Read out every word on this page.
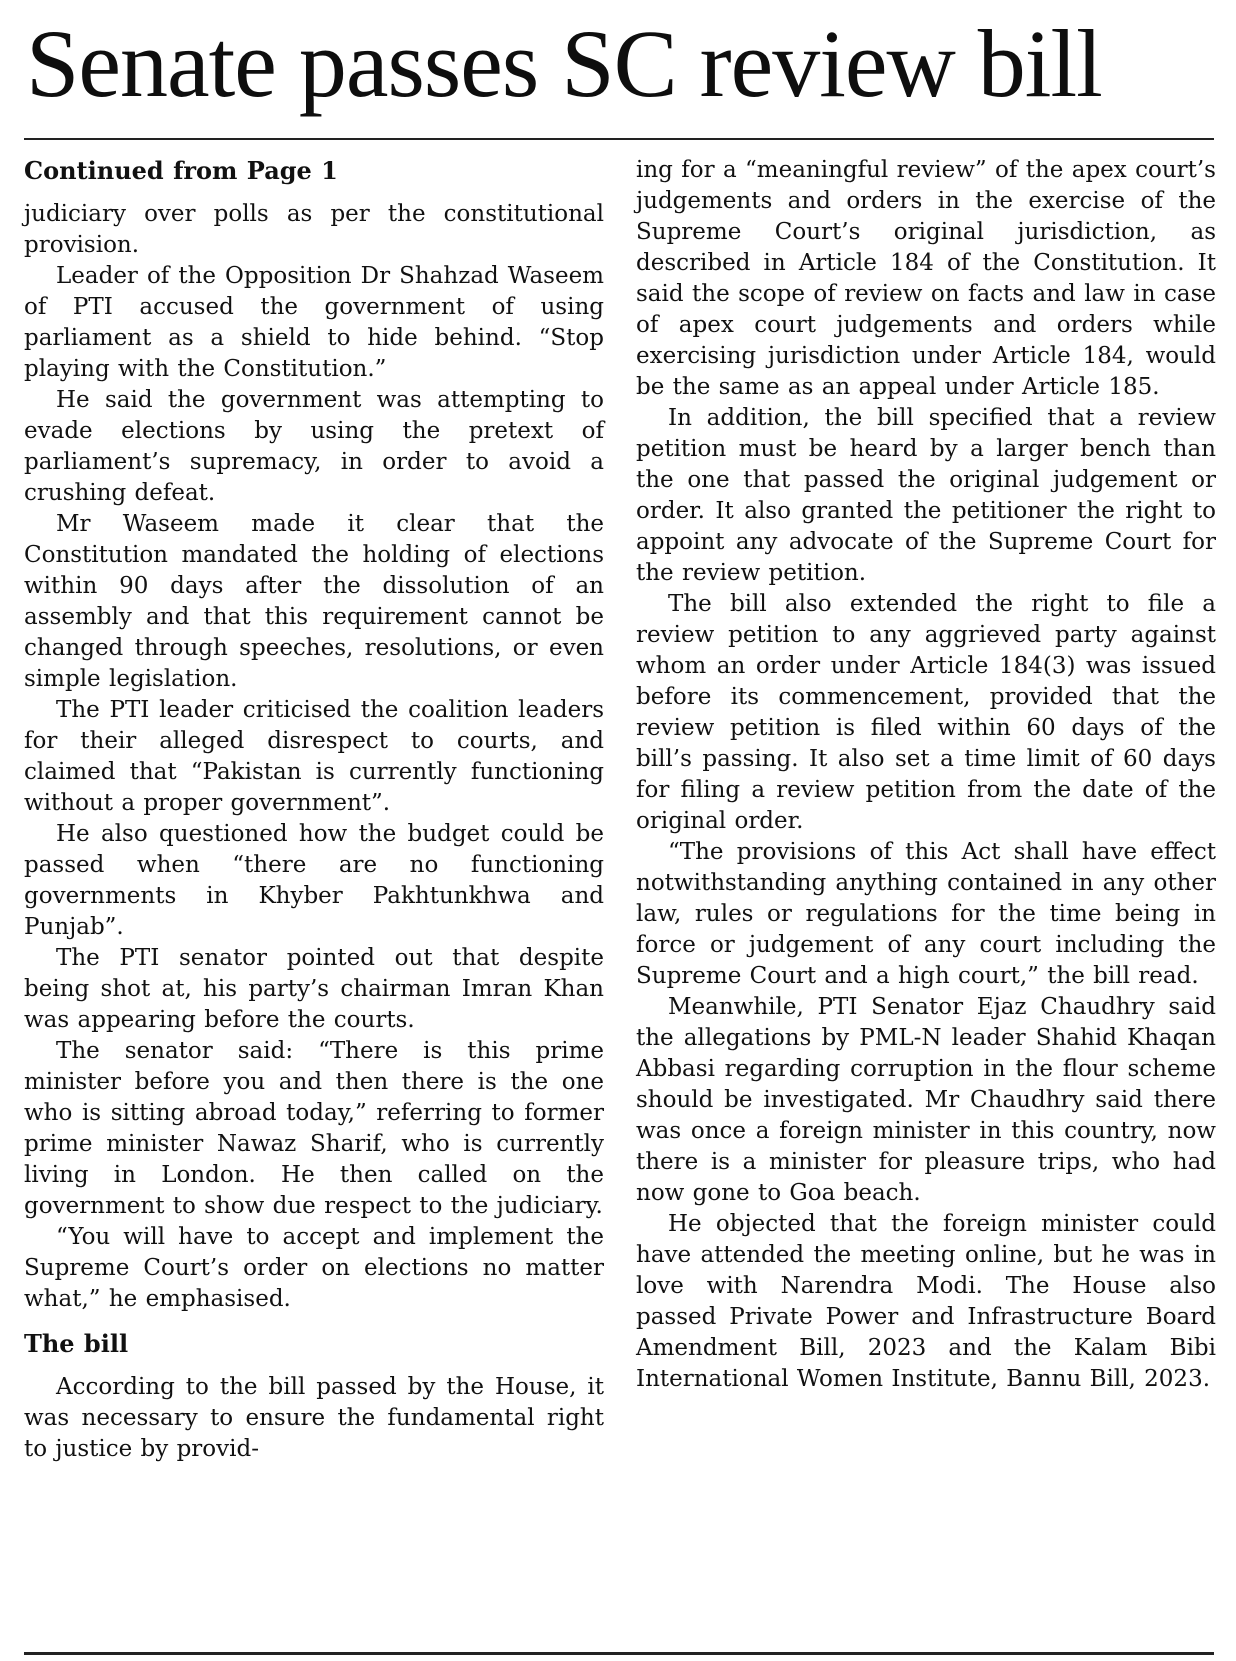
Senate passes SC review bill
Continued from Page 1

judiciary over polls as per the constitutional provision.

Leader of the Opposition Dr Shahzad Waseem of PTI accused the government of using parliament as a shield to hide behind. “Stop playing with the Constitution.”

He said the government was attempting to evade elections by using the pretext of parliament’s supremacy, in order to avoid a crushing defeat.

Mr Waseem made it clear that the Constitution mandated the holding of elections within 90 days after the dissolution of an assembly and that this requirement cannot be changed through speeches, resolutions, or even simple legislation.

The PTI leader criticised the coalition leaders for their alleged disrespect to courts, and claimed that “Pakistan is currently functioning without a proper government”.

He also questioned how the budget could be passed when “there are no functioning governments in Khyber Pakhtunkhwa and Punjab”.

The PTI senator pointed out that despite being shot at, his party’s chairman Imran Khan was appearing before the courts.

The senator said: “There is this prime minister before you and then there is the one who is sitting abroad today,” referring to former prime minister Nawaz Sharif, who is currently living in London. He then called on the government to show due respect to the judiciary.

“You will have to accept and implement the Supreme Court’s order on elections no matter what,” he emphasised.

The bill

According to the bill passed by the House, it was necessary to ensure the fundamental right to justice by provid-

ing for a “meaningful review” of the apex court’s judgements and orders in the exercise of the Supreme Court’s original jurisdiction, as described in Article 184 of the Constitution. It said the scope of review on facts and law in case of apex court judgements and orders while exercising jurisdiction under Article 184, would be the same as an appeal under Article 185.

In addition, the bill specified that a review petition must be heard by a larger bench than the one that passed the original judgement or order. It also granted the petitioner the right to appoint any advocate of the Supreme Court for the review petition.

The bill also extended the right to file a review petition to any aggrieved party against whom an order under Article 184(3) was issued before its commencement, provided that the review petition is filed within 60 days of the bill’s passing. It also set a time limit of 60 days for filing a review petition from the date of the original order.

“The provisions of this Act shall have effect notwithstanding anything contained in any other law, rules or regulations for the time being in force or judgement of any court including the Supreme Court and a high court,” the bill read.

Meanwhile, PTI Senator Ejaz Chaudhry said the allegations by PML-N leader Shahid Khaqan Abbasi regarding corruption in the flour scheme should be investigated. Mr Chaudhry said there was once a foreign minister in this country, now there is a minister for pleasure trips, who had now gone to Goa beach.

He objected that the foreign minister could have attended the meeting online, but he was in love with Narendra Modi. The House also passed Private Power and Infrastructure Board Amendment Bill, 2023 and the Kalam Bibi International Women Institute, Bannu Bill, 2023.
